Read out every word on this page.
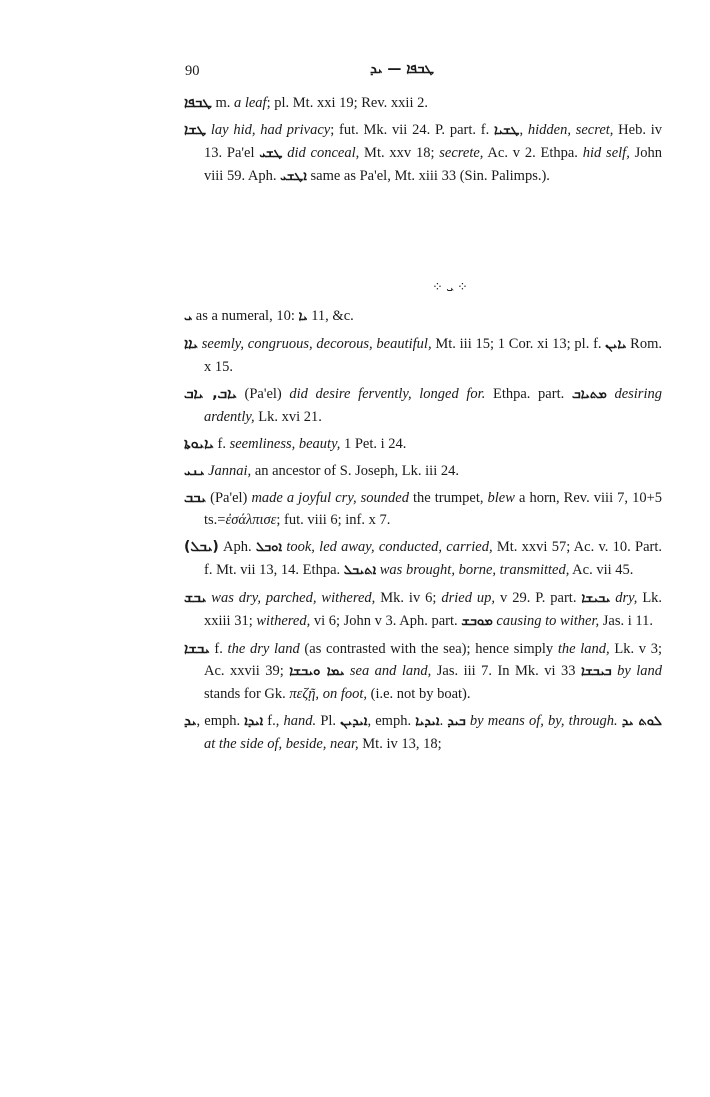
90	ܛܒܦܐ — ܝܕ

ܛܒܦܐ m. a leaf; pl. Mt. xxi 19; Rev. xxii 2.

ܛܫܐ lay hid, had privacy; fut. Mk. vii 24. P. part. f. ܛܫܝܐ, hidden, secret, Heb. iv 13. Pa'el ܛܫܝ did conceal, Mt. xxv 18; secrete, Ac. v 2. Ethpa. hid self, John viii 59. Aph. ܐܛܫܝ same as Pa'el, Mt. xiii 33 (Sin. Palimps.).

⁘ ܝ ⁘

ܝ as a numeral, 10: ܝܐ 11, &c.

ܝܐܐ seemly, congruous, decorous, beautiful, Mt. iii 15; 1 Cor. xi 13; pl. f. ܝܐܝܢ Rom. x 15.

ܝܐܒ, ܝܐܒ (Pa'el) did desire fervently, longed for. Ethpa. part. ܡܬܝܐܒ desiring ardently, Lk. xvi 21.

ܝܐܝܘܬܐ f. seemliness, beauty, 1 Pet. i 24.

ܝܢܝ Jannai, an ancestor of S. Joseph, Lk. iii 24.

ܝܒܒ (Pa'el) made a joyful cry, sounded the trumpet, blew a horn, Rev. viii 7, 10+5 ts.=ἐσάλπισε; fut. viii 6; inf. x 7.

(ܝܒܠ) Aph. ܐܘܒܠ took, led away, conducted, carried, Mt. xxvi 57; Ac. v. 10. Part. f. Mt. vii 13, 14. Ethpa. ܐܬܝܒܠ was brought, borne, transmitted, Ac. vii 45.

ܝܒܫ was dry, parched, withered, Mk. iv 6; dried up, v 29. P. part. ܝܒܝܫܐ dry, Lk. xxiii 31; withered, vi 6; John v 3. Aph. part. ܡܘܒܫ causing to wither, Jas. i 11.

ܝܒܫܐ f. the dry land (as contrasted with the sea); hence simply the land, Lk. v 3; Ac. xxvii 39; ܝܡܐ ܘܝܒܫܐ sea and land, Jas. iii 7. In Mk. vi 33 ܒܝܒܫܐ by land stands for Gk. πεζῇ, on foot, (i.e. not by boat).

ܝܕ, emph. ܐܝܕܐ f., hand. Pl. ܐܝܕܝܢ, emph. ܐܝܕܝܐ. ܒܝܕ by means of, by, through. ܠܘܬ ܝܕ at the side of, beside, near, Mt. iv 13, 18;
